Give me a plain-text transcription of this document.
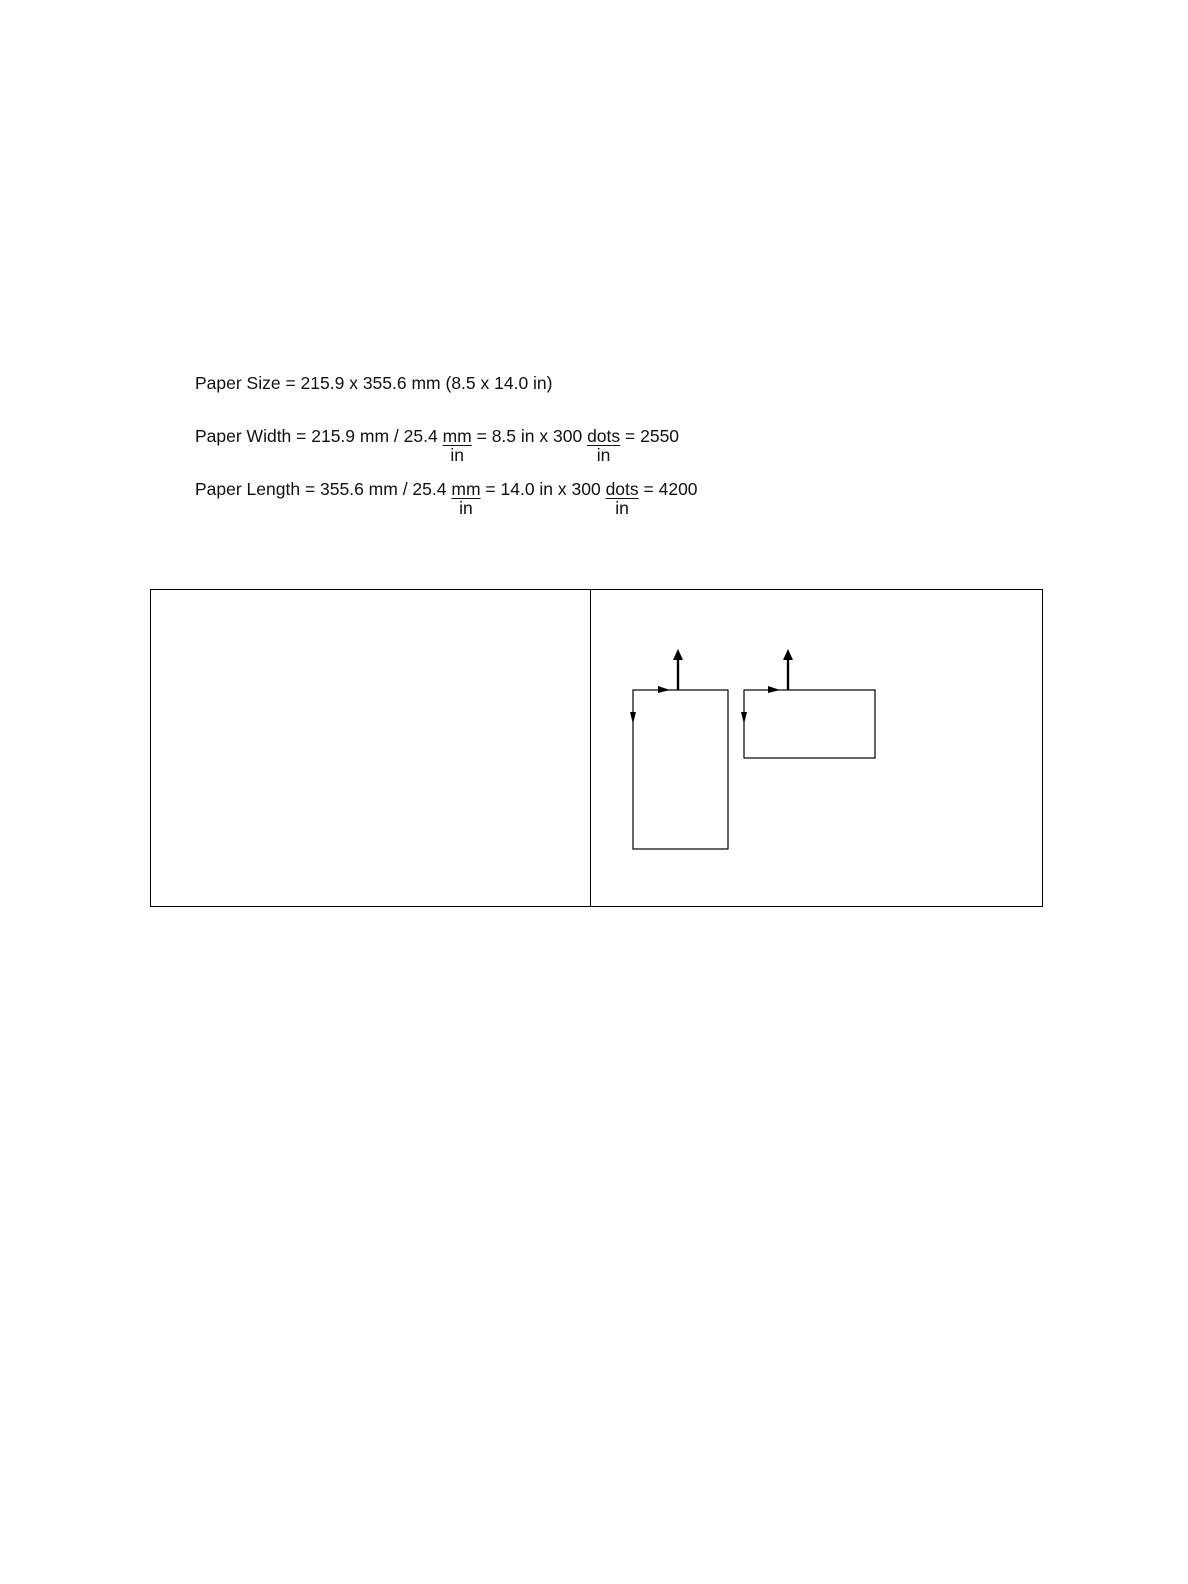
Paper Size = 215.9 x 355.6 mm (8.5 x 14.0 in)
Paper Width = 215.9 mm / $25.4 \frac{mm}{in} = 8.5$ in x $300 \frac{\text{dots}}{in} = 2550$
Paper Length = 355.6 mm / $25.4 \frac{mm}{in} = 14.0$ in x $300 \frac{\text{dots}}{in} = 4200$
